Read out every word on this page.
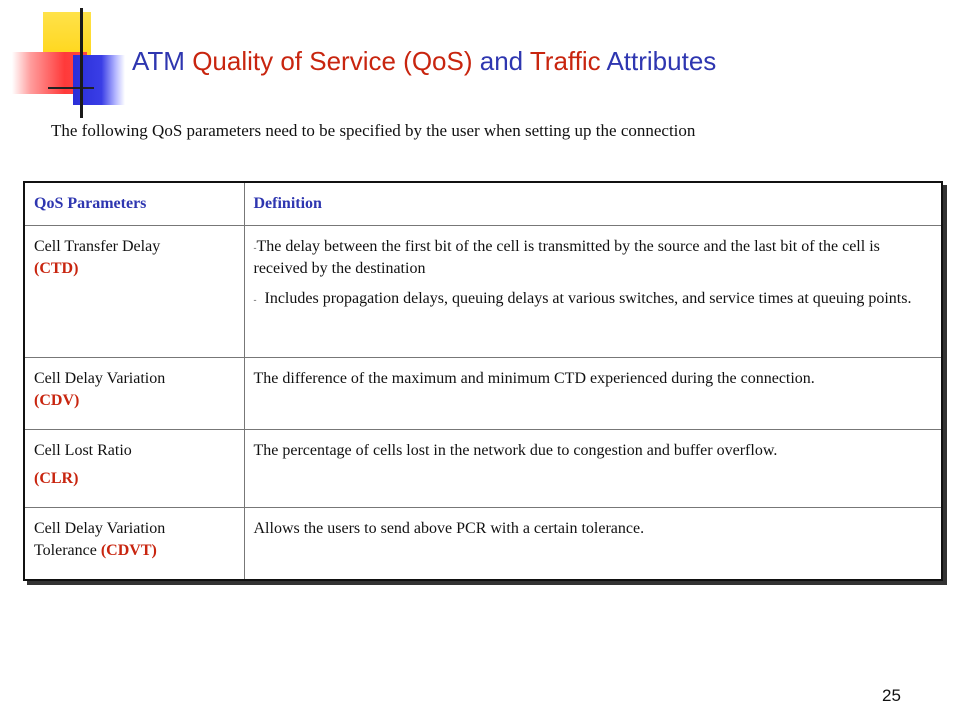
ATM Quality of Service (QoS) and Traffic Attributes
The following QoS parameters need to be specified by the user when setting up the connection
QoS Parameters	Definition
Cell Transfer Delay
(CTD)	-The delay between the first bit of the cell is transmitted by the source and the last bit of the cell is received by the destination
- Includes propagation delays, queuing delays at various switches, and service times at queuing points.

Cell Delay Variation
(CDV)	The difference of the maximum and minimum CTD experienced during the connection.
Cell Lost Ratio
(CLR)	The percentage of cells lost in the network due to congestion and buffer overflow.
Cell Delay Variation
Tolerance (CDVT)	Allows the users to send above PCR with a certain tolerance.
25
